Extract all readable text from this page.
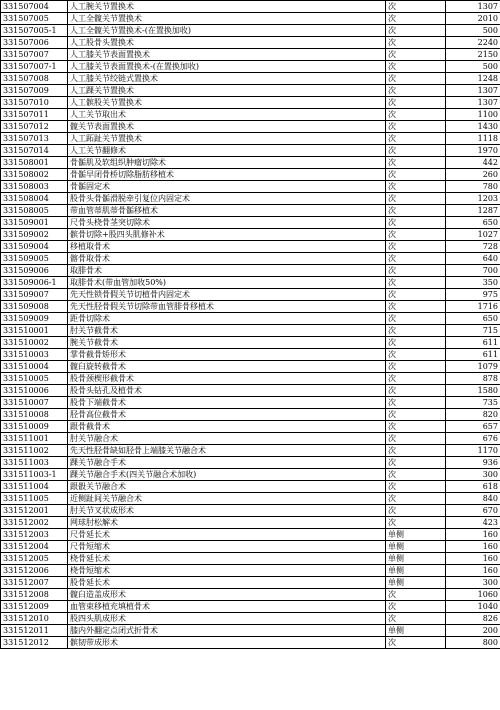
331507004	人工腕关节置换术	次	1307
331507005	人工全髋关节置换术	次	2010
331507005-1	人工全髋关节置换术-(在置换加收)	次	500
331507006	人工股骨头置换术	次	2240
331507007	人工膝关节表面置换术	次	2150
331507007-1	人工膝关节表面置换术-(在置换加收)	次	500
331507008	人工膝关节绞链式置换术	次	1248
331507009	人工踝关节置换术	次	1307
331507010	人工髌股关节置换术	次	1307
331507011	人工关节取出术	次	1100
331507012	髋关节表面置换术	次	1430
331507013	人工跖趾关节置换术	次	1118
331507014	人工关节翻修术	次	1970
331508001	骨骺肌及软组织肿瘤切除术	次	442
331508002	骨骺早闭骨桥切除脂肪移植术	次	260
331508003	骨骺固定术	次	780
331508004	股骨头骨骺滑脱牵引复位内固定术	次	1203
331508005	带血管蒂肌蒂骨骺移植术	次	1287
331509001	尺骨头桡骨茎突切除术	次	650
331509002	髌骨切除+股四头肌修补术	次	1027
331509004	移植取骨术	次	728
331509005	髂骨取骨术	次	640
331509006	取腓骨术	次	700
331509006-1	取腓骨术(带血管加收50%)	次	350
331509007	先天性锁骨假关节切植骨内固定术	次	975
331509008	先天性胫骨假关节切除带血管腓骨移植术	次	1716
331509009	距骨切除术	次	650
331510001	肘关节截骨术	次	715
331510002	腕关节截骨术	次	611
331510003	掌骨截骨矫形术	次	611
331510004	髋臼旋转截骨术	次	1079
331510005	股骨颈楔形截骨术	次	878
331510006	股骨头钻孔及植骨术	次	1580
331510007	股骨下端截骨术	次	735
331510008	胫骨高位截骨术	次	820
331510009	跟骨截骨术	次	657
331511001	肘关节融合术	次	676
331511002	先天性胫骨缺如胫骨上端膝关节融合术	次	1170
331511003	踝关节融合手术	次	936
331511003-1	踝关节融合手术(四关节融合术加收)	次	300
331511004	跟骰关节融合术	次	618
331511005	近侧趾间关节融合术	次	840
331512001	肘关节叉状成形术	次	670
331512002	网球肘松解术	次	423
331512003	尺骨延长术	单侧	160
331512004	尺骨短缩术	单侧	160
331512005	桡骨延长术	单侧	160
331512006	桡骨短缩术	单侧	160
331512007	股骨延长术	单侧	300
331512008	髋臼造盖成形术	次	1060
331512009	血管束移植充填植骨术	次	1040
331512010	股四头肌成形术	次	826
331512011	膝内外翻定点闭式折骨术	单侧	200
331512012	髌韧带成形术	次	800
